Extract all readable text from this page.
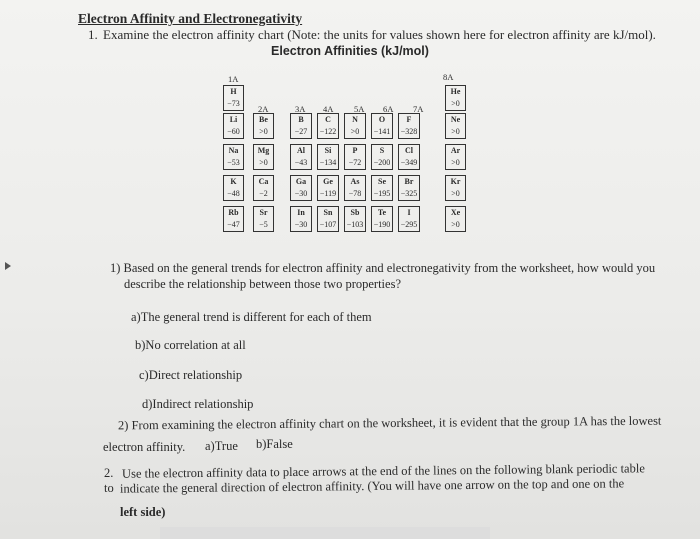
Electron Affinity and Electronegativity
1. Examine the electron affinity chart (Note: the units for values shown here for electron affinity are kJ/mol).
Electron Affinities (kJ/mol)
1A
2A	3A 4A 5A 6A 7A
8A
H
−73
He
>0
Li
−60
Be
>0
B
−27
C
−122
N
>0
O
−141
F
−328
Ne
>0
Na
−53
Mg
>0
Al
−43
Si
−134
P
−72
S
−200
Cl
−349
Ar
>0
K
−48
Ca
−2
Ga
−30
Ge
−119
As
−78
Se
−195
Br
−325
Kr
>0
Rb
−47
Sr
−5
In
−30
Sn
−107
Sb
−103
Te
−190
I
−295
Xe
>0
1) Based on the general trends for electron affinity and electronegativity from the worksheet, how would you
describe the relationship between those two properties?
a)The general trend is different for each of them
b)No correlation at all
c)Direct relationship
d)Indirect relationship
2) From examining the electron affinity chart on the worksheet, it is evident that the group 1A has the lowest
electron affinity. a)True b)False
2. Use the electron affinity data to place arrows at the end of the lines on the following blank periodic table
to indicate the general direction of electron affinity. (You will have one arrow on the top and one on the
left side)
